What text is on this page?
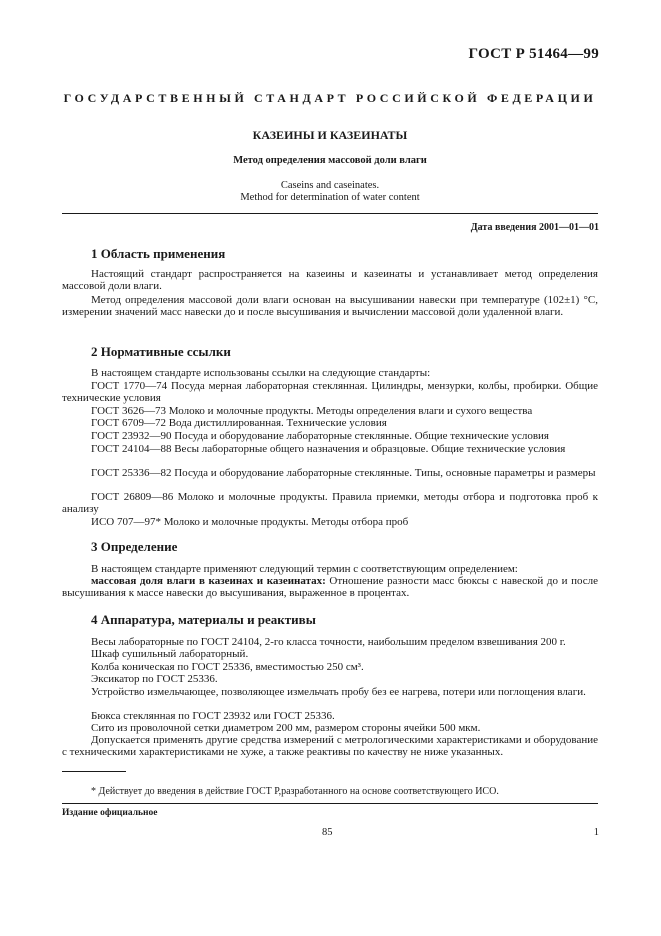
ГОСТ Р 51464—99
ГОСУДАРСТВЕННЫЙ СТАНДАРТ РОССИЙСКОЙ ФЕДЕРАЦИИ
КАЗЕИНЫ И КАЗЕИНАТЫ
Метод определения массовой доли влаги
Caseins and caseinates.
Method for determination of water content
Дата введения 2001—01—01
1 Область применения
Настоящий стандарт распространяется на казеины и казеинаты и устанавливает метод определения массовой доли влаги.
Метод определения массовой доли влаги основан на высушивании навески при температуре (102±1) °С, измерении значений масс навески до и после высушивания и вычислении массовой доли удаленной влаги.
2 Нормативные ссылки
В настоящем стандарте использованы ссылки на следующие стандарты:
ГОСТ 1770—74 Посуда мерная лабораторная стеклянная. Цилиндры, мензурки, колбы, пробирки. Общие технические условия
ГОСТ 3626—73 Молоко и молочные продукты. Методы определения влаги и сухого вещества
ГОСТ 6709—72 Вода дистиллированная. Технические условия
ГОСТ 23932—90 Посуда и оборудование лабораторные стеклянные. Общие технические условия
ГОСТ 24104—88 Весы лабораторные общего назначения и образцовые. Общие технические условия
ГОСТ 25336—82 Посуда и оборудование лабораторные стеклянные. Типы, основные параметры и размеры
ГОСТ 26809—86 Молоко и молочные продукты. Правила приемки, методы отбора и подготовка проб к анализу
ИСО 707—97* Молоко и молочные продукты. Методы отбора проб
3 Определение
В настоящем стандарте применяют следующий термин с соответствующим определением:
массовая доля влаги в казеинах и казеинатах: Отношение разности масс бюксы с навеской до и после высушивания к массе навески до высушивания, выраженное в процентах.
4 Аппаратура, материалы и реактивы
Весы лабораторные по ГОСТ 24104, 2-го класса точности, наибольшим пределом взвешивания 200 г.
Шкаф сушильный лабораторный.
Колба коническая по ГОСТ 25336, вместимостью 250 см³.
Эксикатор по ГОСТ 25336.
Устройство измельчающее, позволяющее измельчать пробу без ее нагрева, потери или поглощения влаги.
Бюкса стеклянная по ГОСТ 23932 или ГОСТ 25336.
Сито из проволочной сетки диаметром 200 мм, размером стороны ячейки 500 мкм.
Допускается применять другие средства измерений с метрологическими характеристиками и оборудование с техническими характеристиками не хуже, а также реактивы по качеству не ниже указанных.
* Действует до введения в действие ГОСТ Р,разработанного на основе соответствующего ИСО.
Издание официальное
85	1
